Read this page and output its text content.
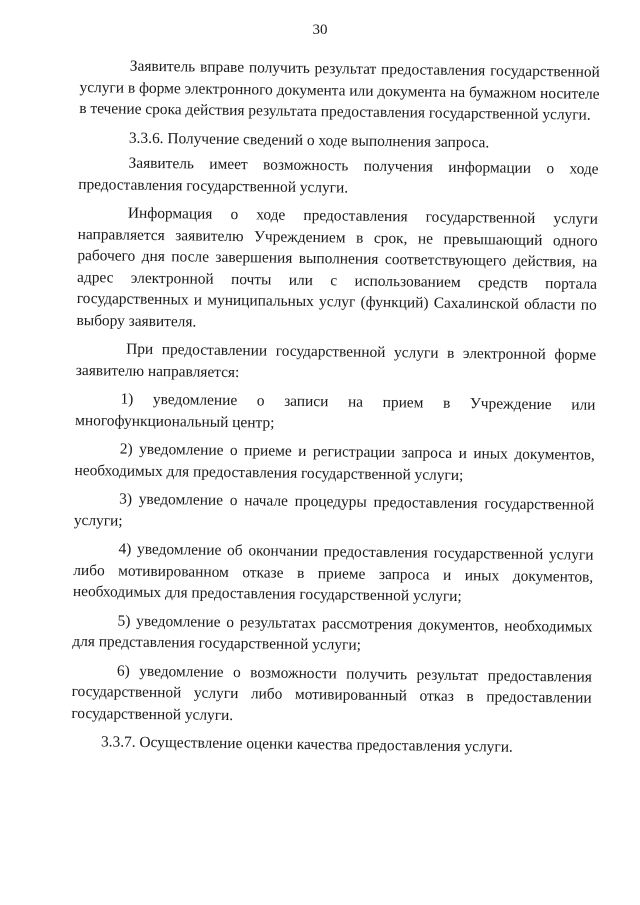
30

Заявитель вправе получить результат предоставления государственной услуги в форме электронного документа или документа на бумажном носителе в течение срока действия результата предоставления государственной услуги.

3.3.6. Получение сведений о ходе выполнения запроса.

Заявитель имеет возможность получения информации о ходе предоставления государственной услуги.

Информация о ходе предоставления государственной услуги направляется заявителю Учреждением в срок, не превышающий одного рабочего дня после завершения выполнения соответствующего действия, на адрес электронной почты или с использованием средств портала государственных и муниципальных услуг (функций) Сахалинской области по выбору заявителя.

При предоставлении государственной услуги в электронной форме заявителю направляется:

1) уведомление о записи на прием в Учреждение или многофункциональный центр;

2) уведомление о приеме и регистрации запроса и иных документов, необходимых для предоставления государственной услуги;

3) уведомление о начале процедуры предоставления государственной услуги;

4) уведомление об окончании предоставления государственной услуги либо мотивированном отказе в приеме запроса и иных документов, необходимых для предоставления государственной услуги;

5) уведомление о результатах рассмотрения документов, необходимых для представления государственной услуги;

6) уведомление о возможности получить результат предоставления государственной услуги либо мотивированный отказ в предоставлении государственной услуги.

3.3.7. Осуществление оценки качества предоставления услуги.
